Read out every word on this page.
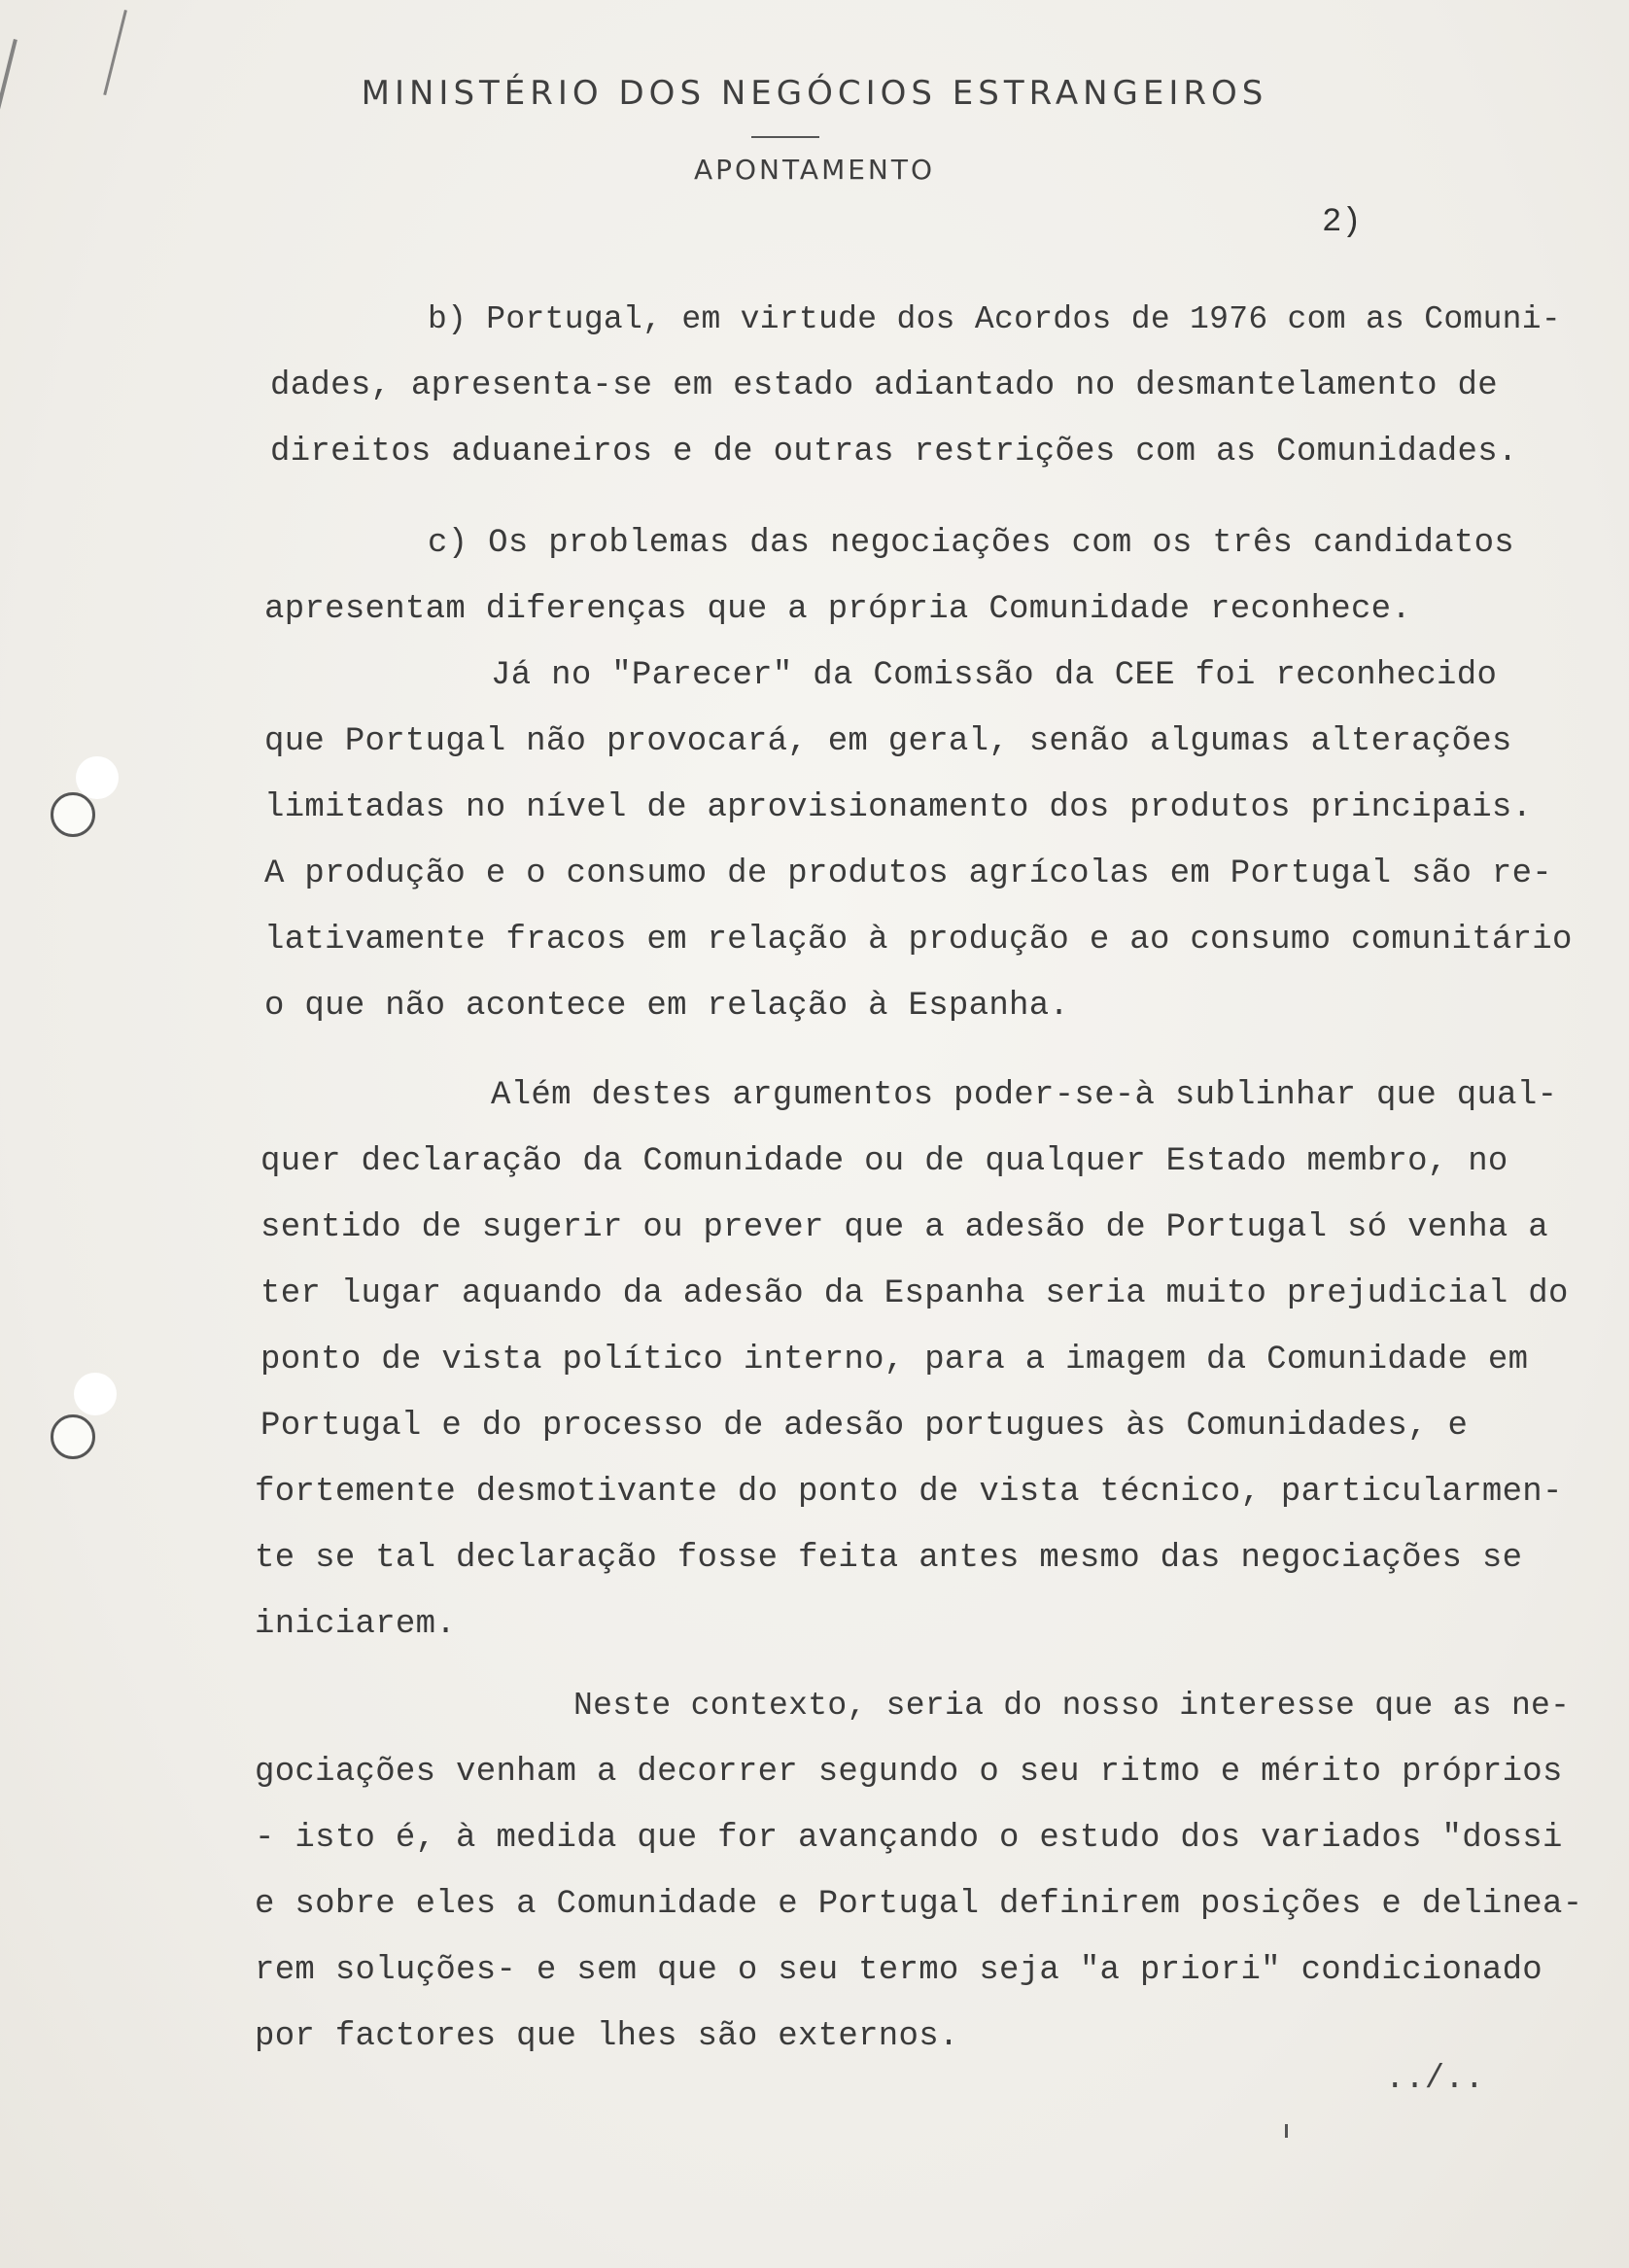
MINISTÉRIO DOS NEGÓCIOS ESTRANGEIROS
APONTAMENTO
2)
b) Portugal, em virtude dos Acordos de 1976 com as Comuni-
dades, apresenta-se em estado adiantado no desmantelamento de
direitos aduaneiros e de outras restrições com as Comunidades.
c) Os problemas das negociações com os três candidatos
apresentam diferenças que a própria Comunidade reconhece.
Já no "Parecer" da Comissão da CEE foi reconhecido
que Portugal não provocará, em geral, senão algumas alterações
limitadas no nível de aprovisionamento dos produtos principais.
A produção e o consumo de produtos agrícolas em Portugal são re-
lativamente fracos em relação à produção e ao consumo comunitário
o que não acontece em relação à Espanha.
Além destes argumentos poder-se-à sublinhar que qual-
quer declaração da Comunidade ou de qualquer Estado membro, no
sentido de sugerir ou prever que a adesão de Portugal só venha a
ter lugar aquando da adesão da Espanha seria muito prejudicial do
ponto de vista político interno, para a imagem da Comunidade em
Portugal e do processo de adesão portugues às Comunidades, e
fortemente desmotivante do ponto de vista técnico, particularmen-
te se tal declaração fosse feita antes mesmo das negociações se
iniciarem.
Neste contexto, seria do nosso interesse que as ne-
gociações venham a decorrer segundo o seu ritmo e mérito próprios
- isto é, à medida que for avançando o estudo dos variados "dossi
e sobre eles a Comunidade e Portugal definirem posições e delinea-
rem soluções- e sem que o seu termo seja "a priori" condicionado
por factores que lhes são externos.
../..
